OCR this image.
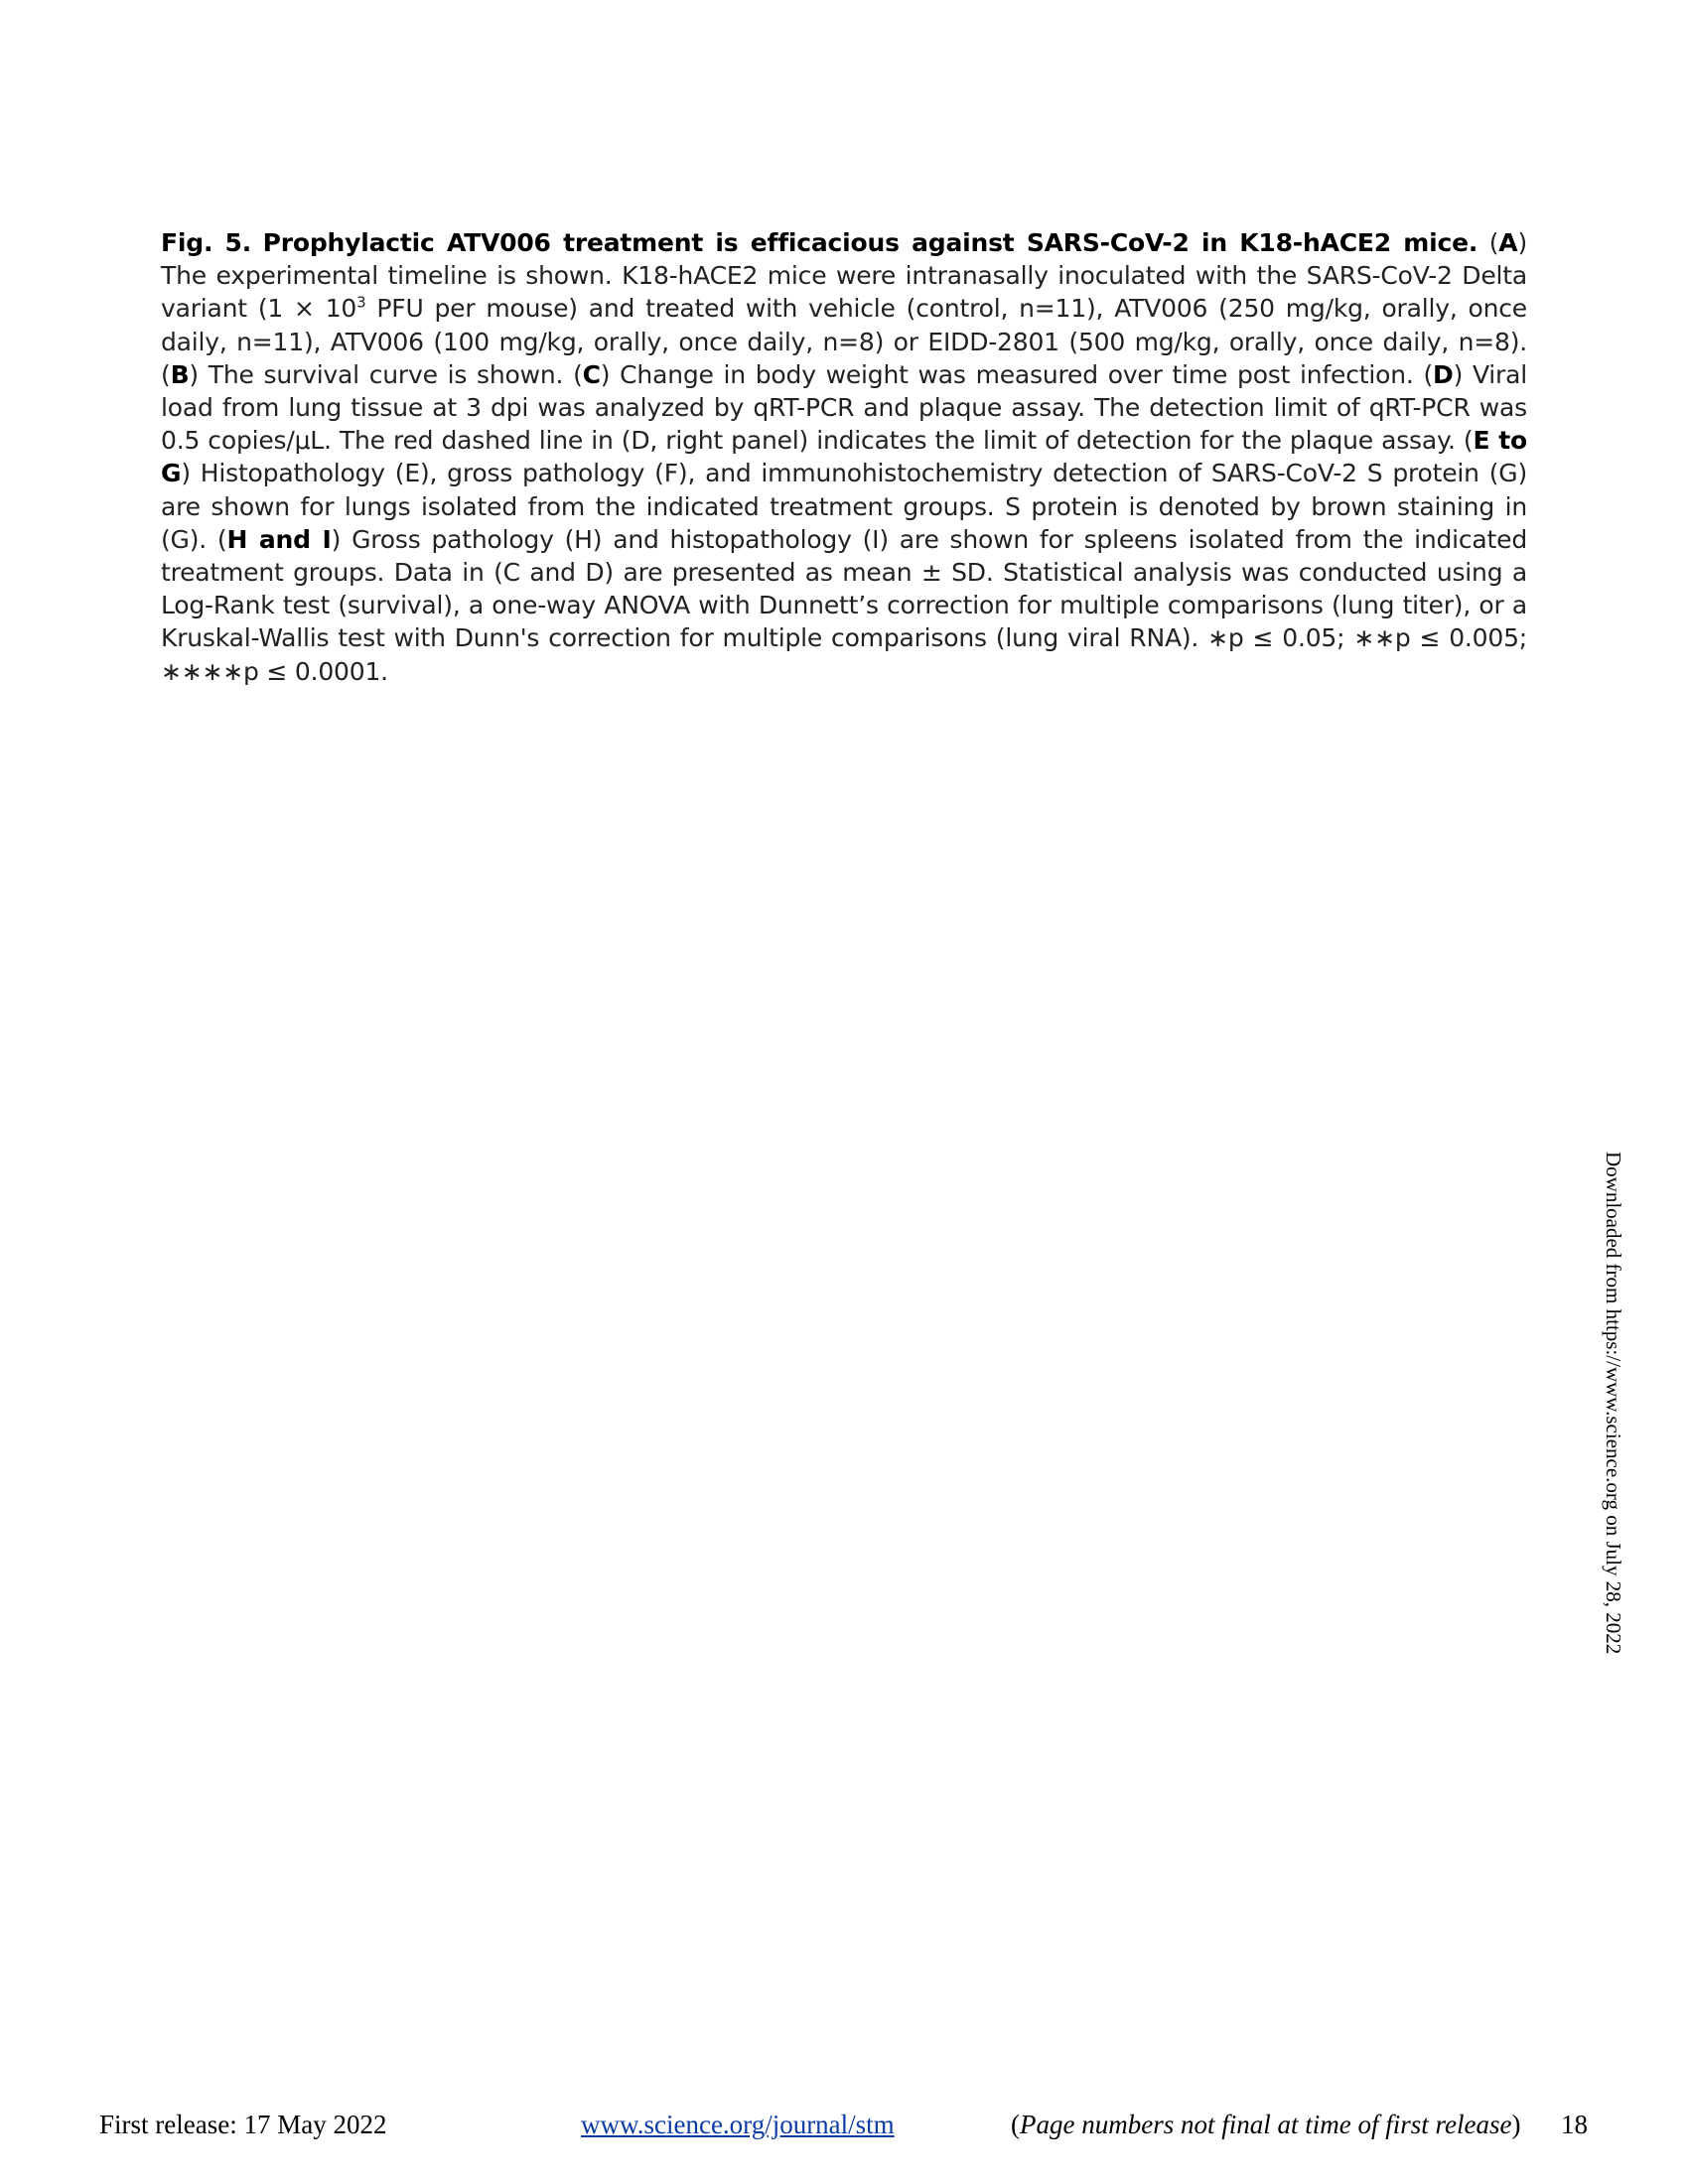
Fig. 5. Prophylactic ATV006 treatment is efficacious against SARS-CoV-2 in K18-hACE2 mice. (A) The experimental timeline is shown. K18-hACE2 mice were intranasally inoculated with the SARS-CoV-2 Delta variant ($1 \times 10^3$ PFU per mouse) and treated with vehicle (control, n=11), ATV006 (250 mg/kg, orally, once daily, n=11), ATV006 (100 mg/kg, orally, once daily, n=8) or EIDD-2801 (500 mg/kg, orally, once daily, n=8). (B) The survival curve is shown. (C) Change in body weight was measured over time post infection. (D) Viral load from lung tissue at 3 dpi was analyzed by qRT-PCR and plaque assay. The detection limit of qRT-PCR was 0.5 copies/μL. The red dashed line in (D, right panel) indicates the limit of detection for the plaque assay. (E to G) Histopathology (E), gross pathology (F), and immunohistochemistry detection of SARS-CoV-2 S protein (G) are shown for lungs isolated from the indicated treatment groups. S protein is denoted by brown staining in (G). (H and I) Gross pathology (H) and histopathology (I) are shown for spleens isolated from the indicated treatment groups. Data in (C and D) are presented as mean ± SD. Statistical analysis was conducted using a Log-Rank test (survival), a one-way ANOVA with Dunnett’s correction for multiple comparisons (lung titer), or a Kruskal-Wallis test with Dunn's correction for multiple comparisons (lung viral RNA). ∗p ≤ 0.05; ∗∗p ≤ 0.005; ∗∗∗∗p ≤ 0.0001.

Downloaded from https://www.science.org on July 28, 2022
First release: 17 May 2022	www.science.org/journal/stm	(Page numbers not final at time of first release) 18
